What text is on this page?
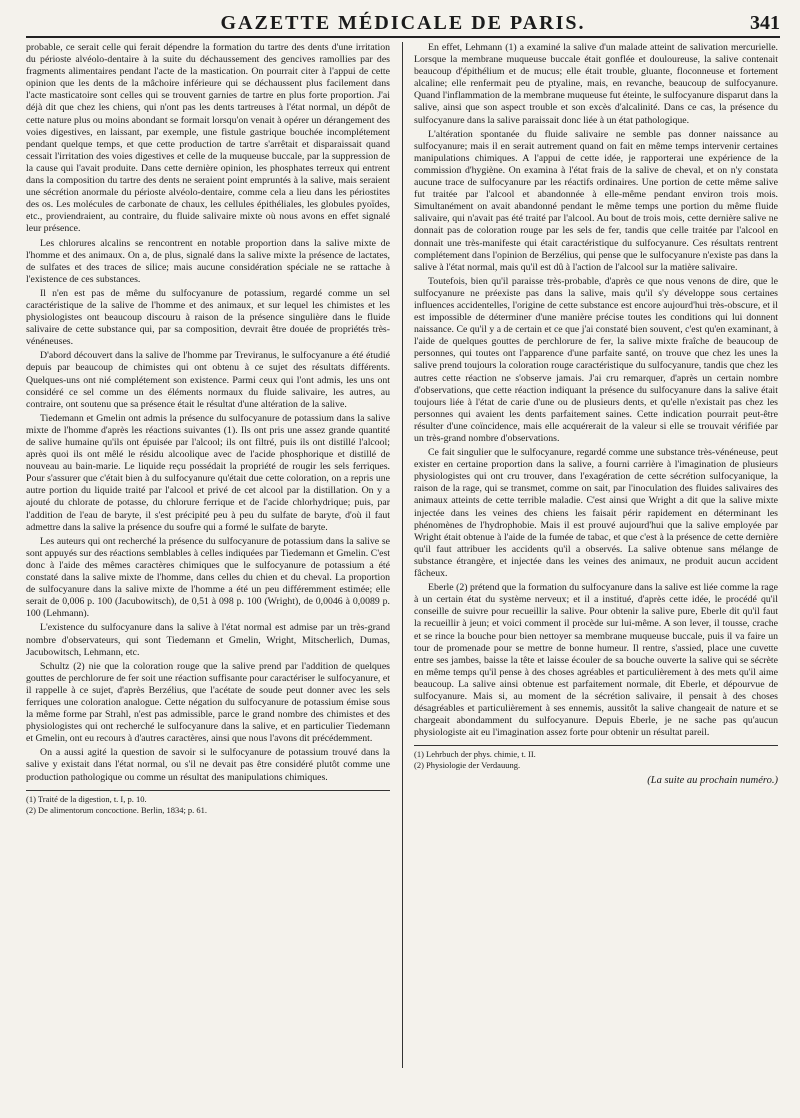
GAZETTE MÉDICALE DE PARIS.	341

probable, ce serait celle qui ferait dépendre la formation du tartre des dents d'une irritation du périoste alvéolo-dentaire à la suite du déchaussement des gencives ramollies par des fragments alimentaires pendant l'acte de la mastication. On pourrait citer à l'appui de cette opinion que les dents de la mâchoire inférieure qui se déchaussent plus facilement dans l'acte masticatoire sont celles qui se trouvent garnies de tartre en plus forte proportion. J'ai déjà dit que chez les chiens, qui n'ont pas les dents tartreuses à l'état normal, un dépôt de cette nature plus ou moins abondant se formait lorsqu'on venait à opérer un dérangement des voies digestives, en laissant, par exemple, une fistule gastrique bouchée incomplétement pendant quelque temps, et que cette production de tartre s'arrêtait et disparaissait quand cessait l'irritation des voies digestives et celle de la muqueuse buccale, par la suppression de la cause qui l'avait produite. Dans cette dernière opinion, les phosphates terreux qui entrent dans la composition du tartre des dents ne seraient point empruntés à la salive, mais seraient une sécrétion anormale du périoste alvéolo-dentaire, comme cela a lieu dans les périostites des os. Les molécules de carbonate de chaux, les cellules épithéliales, les globules pyoïdes, etc., proviendraient, au contraire, du fluide salivaire mixte où nous avons en effet signalé leur présence.

Les chlorures alcalins se rencontrent en notable proportion dans la salive mixte de l'homme et des animaux. On a, de plus, signalé dans la salive mixte la présence de lactates, de sulfates et des traces de silice; mais aucune considération spéciale ne se rattache à l'existence de ces substances.

Il n'en est pas de même du sulfocyanure de potassium, regardé comme un sel caractéristique de la salive de l'homme et des animaux, et sur lequel les chimistes et les physiologistes ont beaucoup discouru à raison de la présence singulière dans le fluide salivaire de cette substance qui, par sa composition, devrait être douée de propriétés très-vénéneuses.

D'abord découvert dans la salive de l'homme par Treviranus, le sulfocyanure a été étudié depuis par beaucoup de chimistes qui ont obtenu à ce sujet des résultats différents. Quelques-uns ont nié complétement son existence. Parmi ceux qui l'ont admis, les uns ont considéré ce sel comme un des éléments normaux du fluide salivaire, les autres, au contraire, ont soutenu que sa présence était le résultat d'une altération de la salive.

Tiedemann et Gmelin ont admis la présence du sulfocyanure de potassium dans la salive mixte de l'homme d'après les réactions suivantes (1). Ils ont pris une assez grande quantité de salive humaine qu'ils ont épuisée par l'alcool; ils ont filtré, puis ils ont distillé l'alcool; après quoi ils ont mêlé le résidu alcoolique avec de l'acide phosphorique et distillé de nouveau au bain-marie. Le liquide reçu possédait la propriété de rougir les sels ferriques. Pour s'assurer que c'était bien à du sulfocyanure qu'était due cette coloration, on a repris une autre portion du liquide traité par l'alcool et privé de cet alcool par la distillation. On y a ajouté du chlorate de potasse, du chlorure ferrique et de l'acide chlorhydrique; puis, par l'addition de l'eau de baryte, il s'est précipité peu à peu du sulfate de baryte, d'où il faut admettre dans la salive la présence du soufre qui a formé le sulfate de baryte.

Les auteurs qui ont recherché la présence du sulfocyanure de potassium dans la salive se sont appuyés sur des réactions semblables à celles indiquées par Tiedemann et Gmelin. C'est donc à l'aide des mêmes caractères chimiques que le sulfocyanure de potassium a été constaté dans la salive mixte de l'homme, dans celles du chien et du cheval. La proportion de sulfocyanure dans la salive mixte de l'homme a été un peu différemment estimée; elle serait de 0,006 p. 100 (Jacubowitsch), de 0,51 à 098 p. 100 (Wright), de 0,0046 à 0,0089 p. 100 (Lehmann).

L'existence du sulfocyanure dans la salive à l'état normal est admise par un très-grand nombre d'observateurs, qui sont Tiedemann et Gmelin, Wright, Mitscherlich, Dumas, Jacubowitsch, Lehmann, etc.

Schultz (2) nie que la coloration rouge que la salive prend par l'addition de quelques gouttes de perchlorure de fer soit une réaction suffisante pour caractériser le sulfocyanure, et il rappelle à ce sujet, d'après Berzélius, que l'acétate de soude peut donner avec les sels ferriques une coloration analogue. Cette négation du sulfocyanure de potassium émise sous la même forme par Strahl, n'est pas admissible, parce le grand nombre des chimistes et des physiologistes qui ont recherché le sulfocyanure dans la salive, et en particulier Tiedemann et Gmelin, ont eu recours à d'autres caractères, ainsi que nous l'avons dit précédemment.

On a aussi agité la question de savoir si le sulfocyanure de potassium trouvé dans la salive y existait dans l'état normal, ou s'il ne devait pas être considéré plutôt comme une production pathologique ou comme un résultat des manipulations chimiques.

(1) Traité de la digestion, t. I, p. 10.
(2) De alimentorum concoctione. Berlin, 1834; p. 61.

En effet, Lehmann (1) a examiné la salive d'un malade atteint de salivation mercurielle. Lorsque la membrane muqueuse buccale était gonflée et douloureuse, la salive contenait beaucoup d'épithélium et de mucus; elle était trouble, gluante, floconneuse et fortement alcaline; elle renfermait peu de ptyaline, mais, en revanche, beaucoup de sulfocyanure. Quand l'inflammation de la membrane muqueuse fut éteinte, le sulfocyanure disparut dans la salive, ainsi que son aspect trouble et son excès d'alcalinité. Dans ce cas, la présence du sulfocyanure dans la salive paraissait donc liée à un état pathologique.

L'altération spontanée du fluide salivaire ne semble pas donner naissance au sulfocyanure; mais il en serait autrement quand on fait en même temps intervenir certaines manipulations chimiques. A l'appui de cette idée, je rapporterai une expérience de la commission d'hygiène. On examina à l'état frais de la salive de cheval, et on n'y constata aucune trace de sulfocyanure par les réactifs ordinaires. Une portion de cette même salive fut traitée par l'alcool et abandonnée à elle-même pendant environ trois mois. Simultanément on avait abandonné pendant le même temps une portion du même fluide salivaire, qui n'avait pas été traité par l'alcool. Au bout de trois mois, cette dernière salive ne donnait pas de coloration rouge par les sels de fer, tandis que celle traitée par l'alcool en donnait une très-manifeste qui était caractéristique du sulfocyanure. Ces résultats rentrent complétement dans l'opinion de Berzélius, qui pense que le sulfocyanure n'existe pas dans la salive à l'état normal, mais qu'il est dû à l'action de l'alcool sur la matière salivaire.

Toutefois, bien qu'il paraisse très-probable, d'après ce que nous venons de dire, que le sulfocyanure ne préexiste pas dans la salive, mais qu'il s'y développe sous certaines influences accidentelles, l'origine de cette substance est encore aujourd'hui très-obscure, et il est impossible de déterminer d'une manière précise toutes les conditions qui lui donnent naissance. Ce qu'il y a de certain et ce que j'ai constaté bien souvent, c'est qu'en examinant, à l'aide de quelques gouttes de perchlorure de fer, la salive mixte fraîche de beaucoup de personnes, qui toutes ont l'apparence d'une parfaite santé, on trouve que chez les unes la salive prend toujours la coloration rouge caractéristique du sulfocyanure, tandis que chez les autres cette réaction ne s'observe jamais. J'ai cru remarquer, d'après un certain nombre d'observations, que cette réaction indiquant la présence du sulfocyanure dans la salive était toujours liée à l'état de carie d'une ou de plusieurs dents, et qu'elle n'existait pas chez les personnes qui avaient les dents parfaitement saines. Cette indication pourrait peut-être résulter d'une coïncidence, mais elle acquérerait de la valeur si elle se trouvait vérifiée par un très-grand nombre d'observations.

Ce fait singulier que le sulfocyanure, regardé comme une substance très-vénéneuse, peut exister en certaine proportion dans la salive, a fourni carrière à l'imagination de plusieurs physiologistes qui ont cru trouver, dans l'exagération de cette sécrétion sulfocyanique, la raison de la rage, qui se transmet, comme on sait, par l'inoculation des fluides salivaires des animaux atteints de cette terrible maladie. C'est ainsi que Wright a dit que la salive mixte injectée dans les veines des chiens les faisait périr rapidement en déterminant les phénomènes de l'hydrophobie. Mais il est prouvé aujourd'hui que la salive employée par Wright était obtenue à l'aide de la fumée de tabac, et que c'est à la présence de cette dernière qu'il faut attribuer les accidents qu'il a observés. La salive obtenue sans mélange de substance étrangère, et injectée dans les veines des animaux, ne produit aucun accident fâcheux.

Eberle (2) prétend que la formation du sulfocyanure dans la salive est liée comme la rage à un certain état du système nerveux; et il a institué, d'après cette idée, le procédé qu'il conseille de suivre pour recueillir la salive. Pour obtenir la salive pure, Eberle dit qu'il faut la recueillir à jeun; et voici comment il procède sur lui-même. A son lever, il tousse, crache et se rince la bouche pour bien nettoyer sa membrane muqueuse buccale, puis il va faire un tour de promenade pour se mettre de bonne humeur. Il rentre, s'assied, place une cuvette entre ses jambes, baisse la tête et laisse écouler de sa bouche ouverte la salive qui se sécrète en même temps qu'il pense à des choses agréables et particulièrement à des mets qu'il aime beaucoup. La salive ainsi obtenue est parfaitement normale, dit Eberle, et dépourvue de sulfocyanure. Mais si, au moment de la sécrétion salivaire, il pensait à des choses désagréables et particulièrement à ses ennemis, aussitôt la salive changeait de nature et se chargeait abondamment du sulfocyanure. Depuis Eberle, je ne sache pas qu'aucun physiologiste ait eu l'imagination assez forte pour obtenir un résultat pareil.

(1) Lehrbuch der phys. chimie, t. II.
(2) Physiologie der Verdauung.
(La suite au prochain numéro.)
